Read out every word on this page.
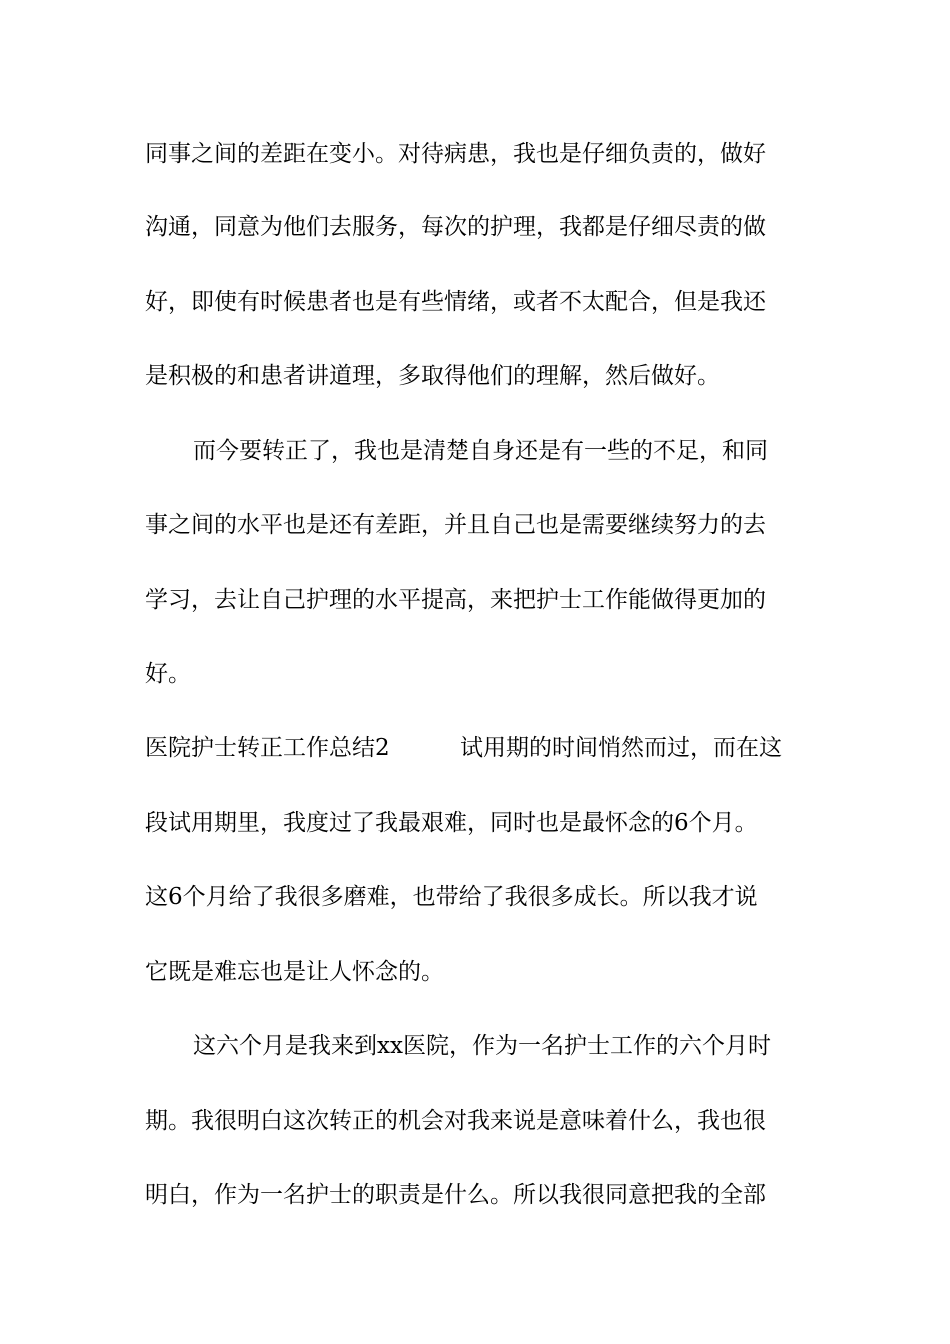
同事之间的差距在变小。对待病患，我也是仔细负责的，做好
沟通，同意为他们去服务，每次的护理，我都是仔细尽责的做
好，即使有时候患者也是有些情绪，或者不太配合，但是我还
是积极的和患者讲道理，多取得他们的理解，然后做好。
而今要转正了，我也是清楚自身还是有一些的不足，和同
事之间的水平也是还有差距，并且自己也是需要继续努力的去
学习，去让自己护理的水平提高，来把护士工作能做得更加的
好。
医院护士转正工作总结2	试用期的时间悄然而过，而在这
段试用期里，我度过了我最艰难，同时也是最怀念的6个月。
这6个月给了我很多磨难，也带给了我很多成长。所以我才说
它既是难忘也是让人怀念的。
这六个月是我来到xx医院，作为一名护士工作的六个月时
期。我很明白这次转正的机会对我来说是意味着什么，我也很
明白，作为一名护士的职责是什么。所以我很同意把我的全部
